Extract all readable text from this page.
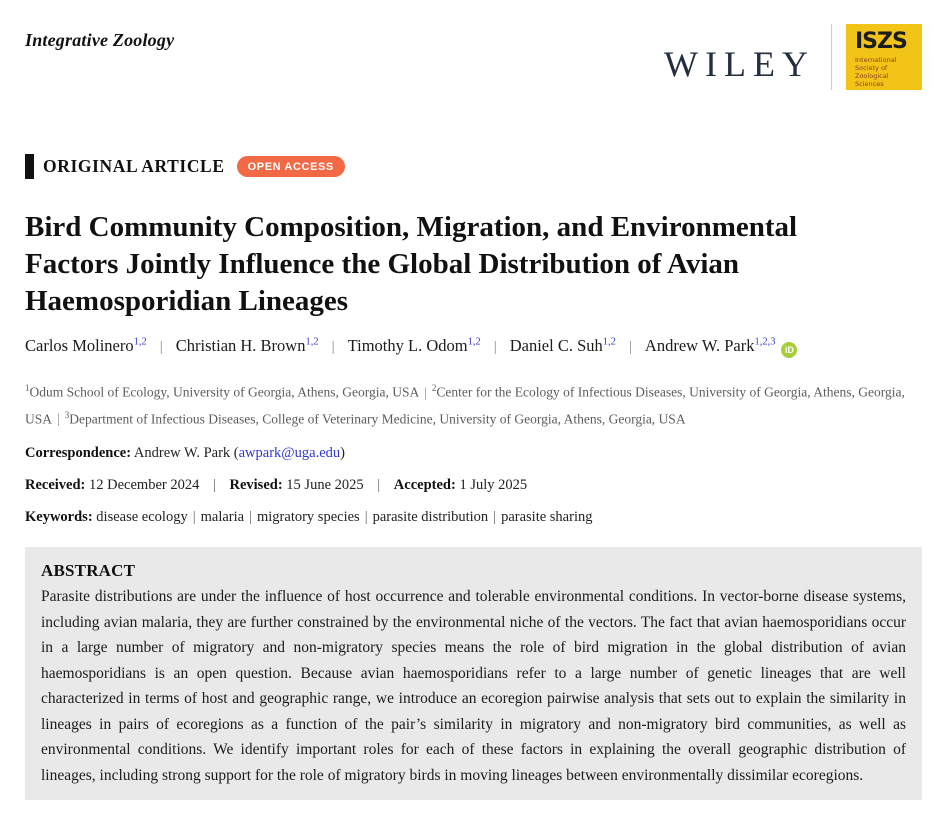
Integrative Zoology
WILEY
ISZS
International
Society of
Zoological Sciences
ORIGINAL ARTICLE	OPEN ACCESS
Bird Community Composition, Migration, and Environmental Factors Jointly Influence the Global Distribution of Avian Haemosporidian Lineages
Carlos Molinero$^{1,2}$ | Christian H. Brown$^{1,2}$ | Timothy L. Odom$^{1,2}$ | Daniel C. Suh$^{1,2}$ | Andrew W. Park$^{1,2,3}$iD

$^1$Odum School of Ecology, University of Georgia, Athens, Georgia, USA | $^2$Center for the Ecology of Infectious Diseases, University of Georgia, Athens, Georgia, USA | $^3$Department of Infectious Diseases, College of Veterinary Medicine, University of Georgia, Athens, Georgia, USA

Correspondence: Andrew W. Park (awpark@uga.edu)

Received: 12 December 2024 | Revised: 15 June 2025 | Accepted: 1 July 2025

Keywords: disease ecology | malaria | migratory species | parasite distribution | parasite sharing

ABSTRACT

Parasite distributions are under the influence of host occurrence and tolerable environmental conditions. In vector-borne disease systems, including avian malaria, they are further constrained by the environmental niche of the vectors. The fact that avian haemosporidians occur in a large number of migratory and non-migratory species means the role of bird migration in the global distribution of avian haemosporidians is an open question. Because avian haemosporidians refer to a large number of genetic lineages that are well characterized in terms of host and geographic range, we introduce an ecoregion pairwise analysis that sets out to explain the similarity in lineages in pairs of ecoregions as a function of the pair’s similarity in migratory and non-migratory bird communities, as well as environmental conditions. We identify important roles for each of these factors in explaining the overall geographic distribution of lineages, including strong support for the role of migratory birds in moving lineages between environmentally dissimilar ecoregions.
